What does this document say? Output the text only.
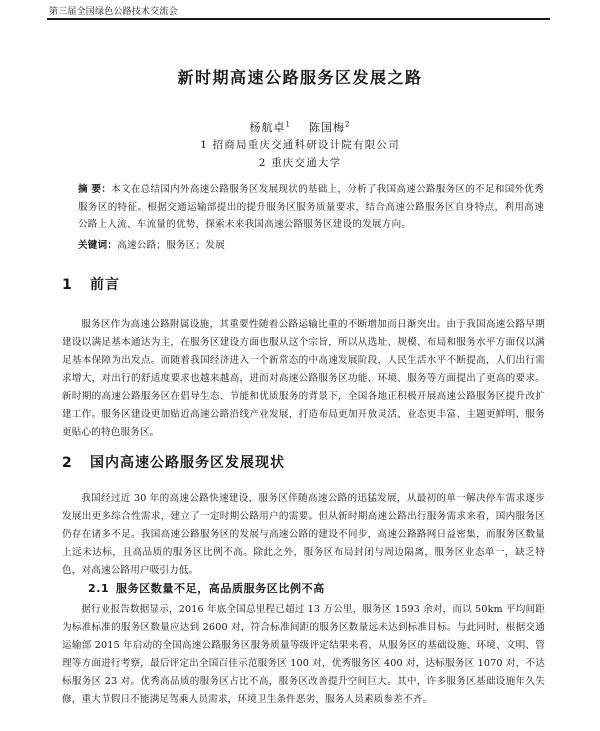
第三届全国绿色公路技术交流会
新时期高速公路服务区发展之路
杨航卓$^1$ 陈国梅$^2$
1 招商局重庆交通科研设计院有限公司
2 重庆交通大学
摘 要：本文在总结国内外高速公路服务区发展现状的基础上，分析了我国高速公路服务区的不足和国外优秀服务区的特征。根据交通运输部提出的提升服务区服务质量要求，结合高速公路服务区自身特点，利用高速公路上人流、车流量的优势，探索未来我国高速公路服务区建设的发展方向。
关键词：高速公路；服务区；发展
1 前言
服务区作为高速公路附属设施，其重要性随着公路运输比重的不断增加而日渐突出。由于我国高速公路早期建设以满足基本通达为主，在服务区建设方面也服从这个宗旨，所以从选址、规模、布局和服务水平方面仅以满足基本保障为出发点。而随着我国经济进入一个新常态的中高速发展阶段，人民生活水平不断提高，人们出行需求增大，对出行的舒适度要求也越来越高，进而对高速公路服务区功能、环境、服务等方面提出了更高的要求。新时期的高速公路服务区在倡导生态、节能和优质服务的背景下，全国各地正积极开展高速公路服务区提升改扩建工作。服务区建设更加贴近高速公路沿线产业发展，打造布局更加开放灵活、业态更丰富、主题更鲜明、服务更贴心的特色服务区。
2 国内高速公路服务区发展现状
我国经过近 30 年的高速公路快速建设，服务区伴随高速公路的迅猛发展，从最初的单一解决停车需求逐步发展出更多综合性需求，建立了一定时期公路用户的需要。但从新时期高速公路出行服务需求来看，国内服务区仍存在诸多不足。我国高速公路服务区的发展与高速公路的建设不同步，高速公路路网日益密集，而服务区数量上远未达标，且高品质的服务区比例不高。除此之外，服务区布局封闭与周边隔离，服务区业态单一，缺乏特色，对高速公路用户吸引力低。
2.1 服务区数量不足，高品质服务区比例不高
据行业报告数据显示，2016 年底全国总里程已超过 13 万公里，服务区 1593 余对，而以 50km 平均间距为标准标准的服务区数量应达到 2600 对，符合标准间距的服务区数量远未达到标准目标。与此同时，根据交通运输部 2015 年启动的全国高速公路服务区服务质量等级评定结果来看，从服务区的基础设施、环境、文明、管理等方面进行考察，最后评定出全国百佳示范服务区 100 对，优秀服务区 400 对，达标服务区 1070 对，不达标服务区 23 对。优秀高品质的服务区占比不高，服务区改善提升空间巨大。其中，许多服务区基础设施年久失修，重大节假日不能满足驾乘人员需求，环境卫生条件恶劣，服务人员素质参差不齐。
